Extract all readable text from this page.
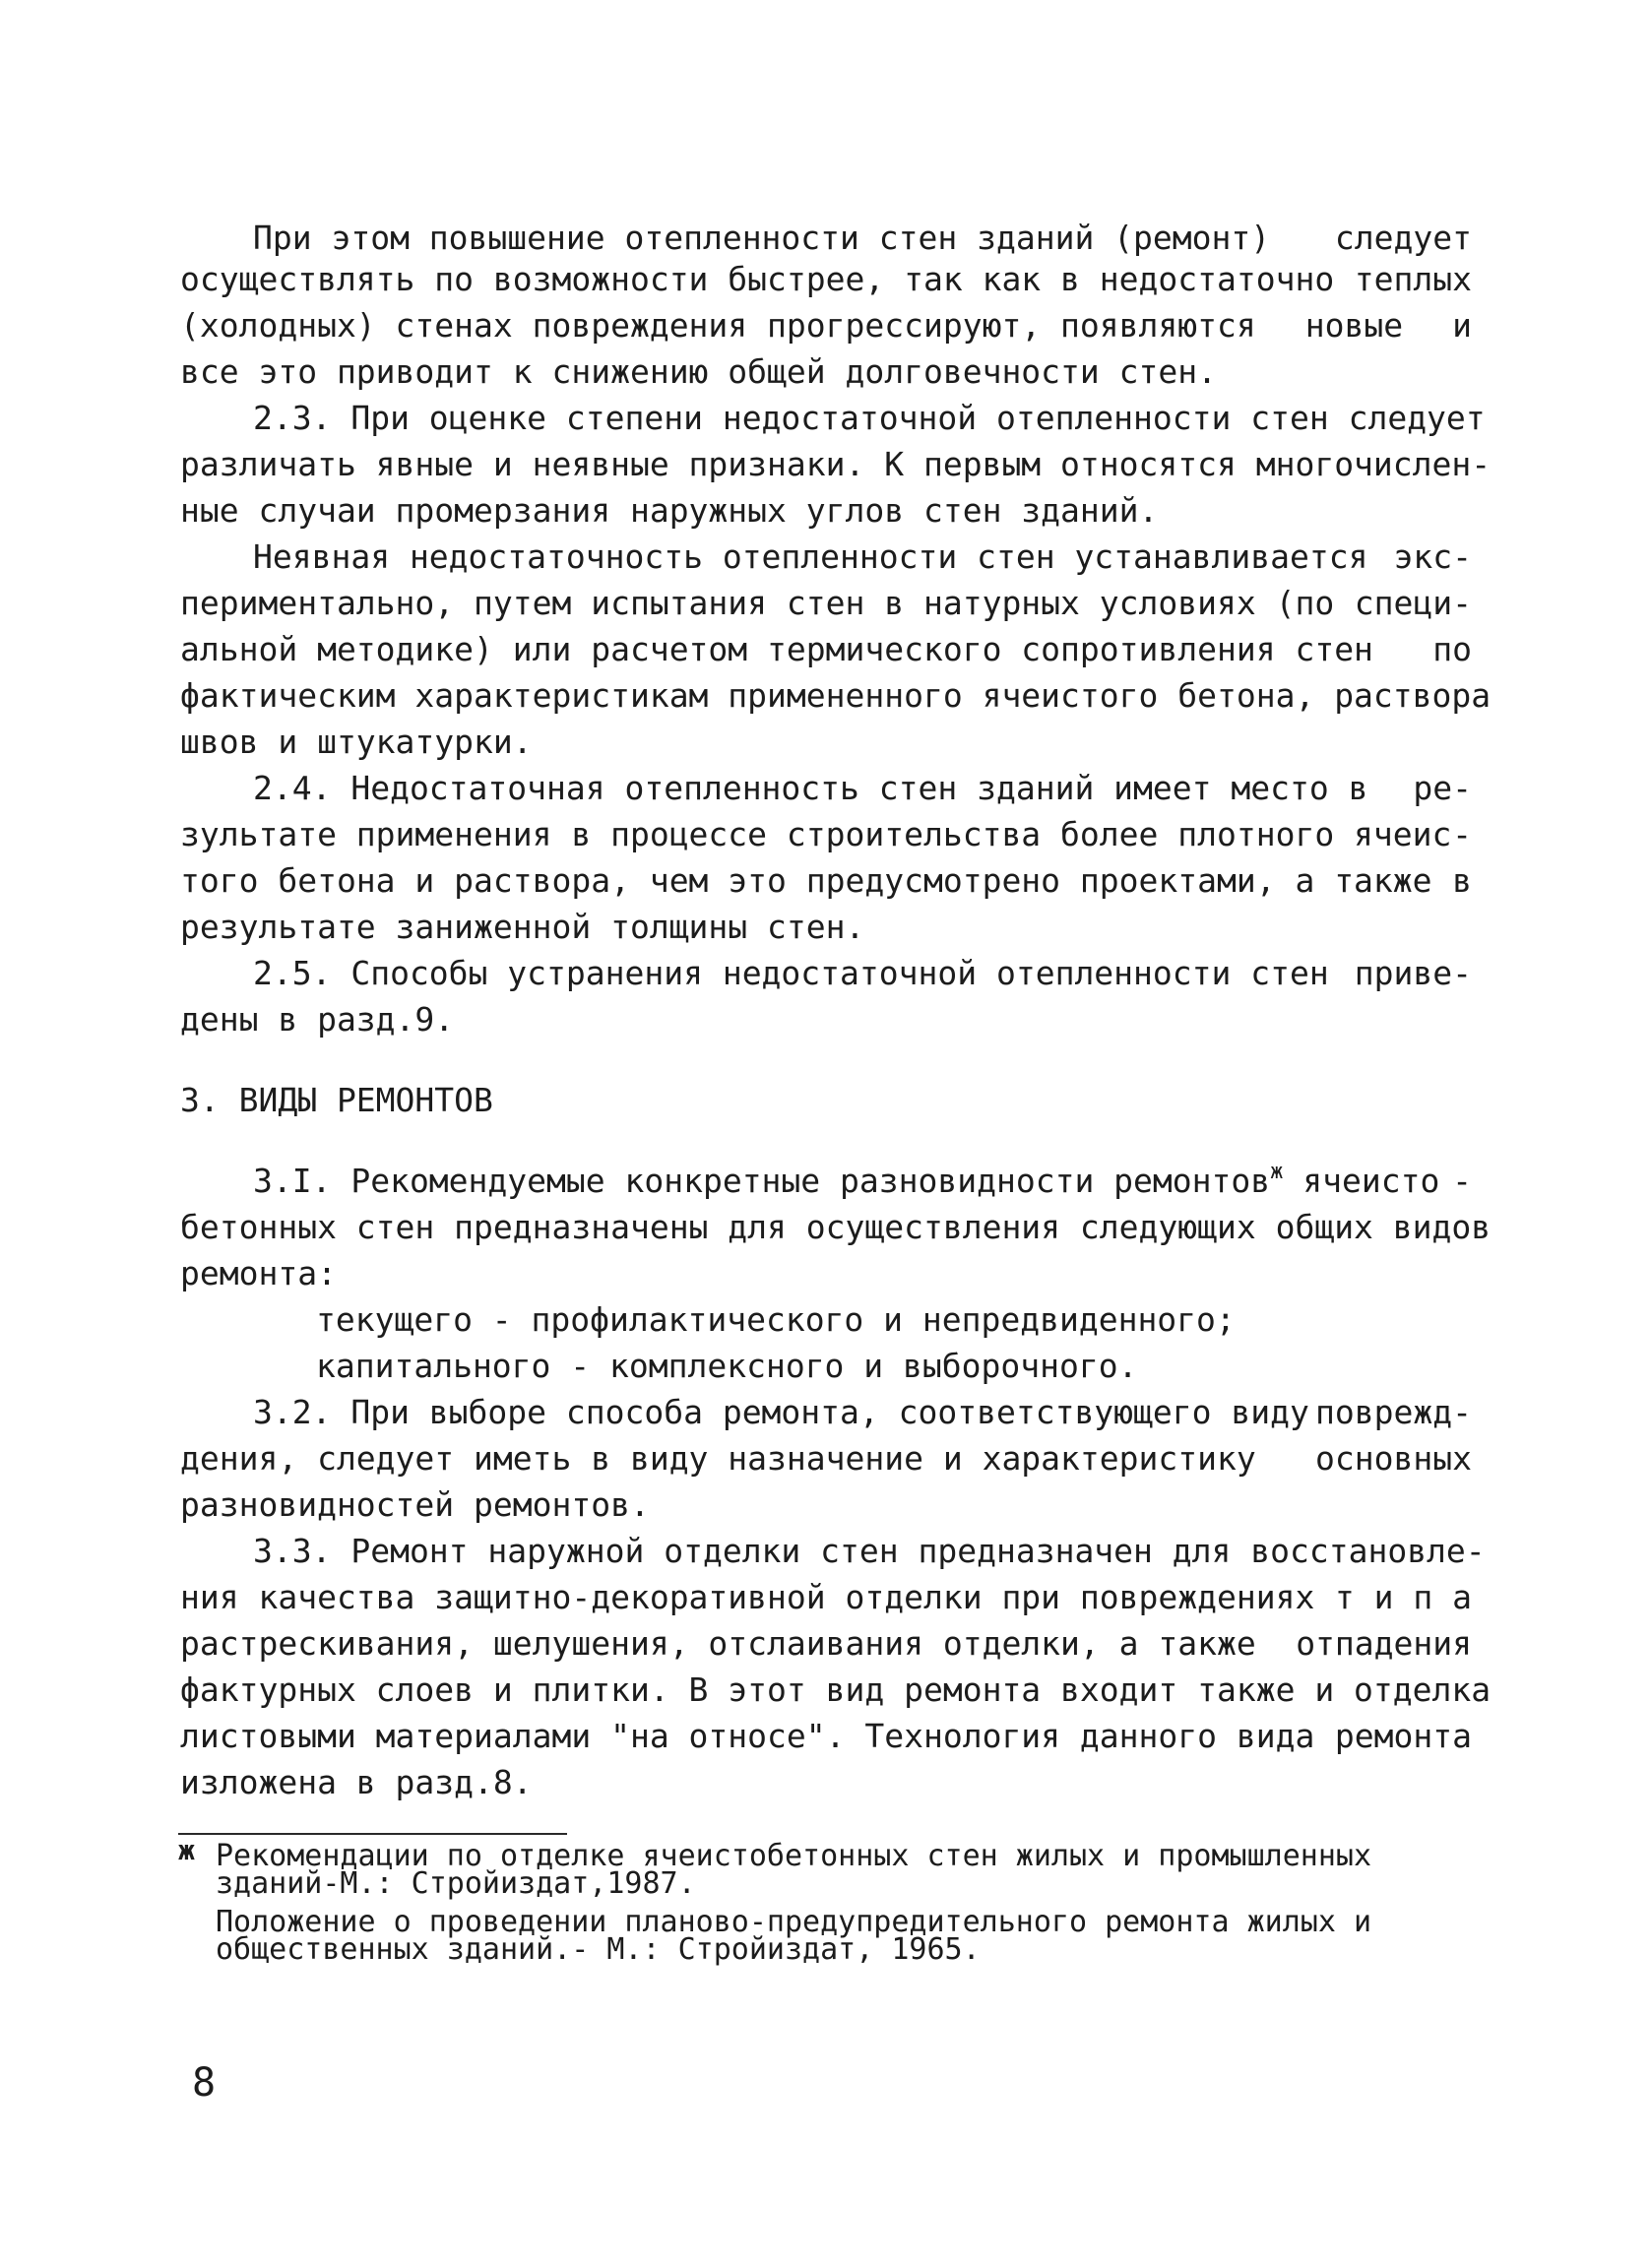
При этом повышение отепленности стен зданий (ремонт) следует
осуществлять по возможности быстрее, так как в недостаточно теплых
(холодных) стенах повреждения прогрессируют, появляются новые и
все это приводит к снижению общей долговечности стен.
2.3. При оценке степени недостаточной отепленности стен следует
различать явные и неявные признаки. К первым относятся многочислен-
ные случаи промерзания наружных углов стен зданий.
Неявная недостаточность отепленности стен устанавливается экс-
периментально, путем испытания стен в натурных условиях (по специ-
альной методике) или расчетом термического сопротивления стен по
фактическим характеристикам примененного ячеистого бетона, раствора
швов и штукатурки.
2.4. Недостаточная отепленность стен зданий имеет место в ре-
зультате применения в процессе строительства более плотного ячеис -
того бетона и раствора, чем это предусмотрено проектами, а также в
результате заниженной толщины стен.
2.5. Способы устранения недостаточной отепленности стен приве-
дены в разд.9.
3. ВИДЫ РЕМОНТОВ
3.I. Рекомендуемые конкретные разновидности ремонтов$^ж$ ячеисто -
бетонных стен предназначены для осуществления следующих общих видов
ремонта:
текущего - профилактического и непредвиденного;
капитального - комплексного и выборочного.
3.2. При выборе способа ремонта, соответствующего виду поврежд-
дения, следует иметь в виду назначение и характеристику основных
разновидностей ремонтов.
3.3. Ремонт наружной отделки стен предназначен для восстановле-
ния качества защитно-декоративной отделки при повреждениях т и п а
растрескивания, шелушения, отслаивания отделки, а также отпадения
фактурных слоев и плитки. В этот вид ремонта входит также и отделка
листовыми материалами "на относе". Технология данного вида ремонта
изложена в разд.8.
ж Рекомендации по отделке ячеистобетонных стен жилых и промышленных
зданий-М.: Стройиздат,1987.
Положение о проведении планово-предупредительного ремонта жилых и
общественных зданий.- М.: Стройиздат, 1965.
8
